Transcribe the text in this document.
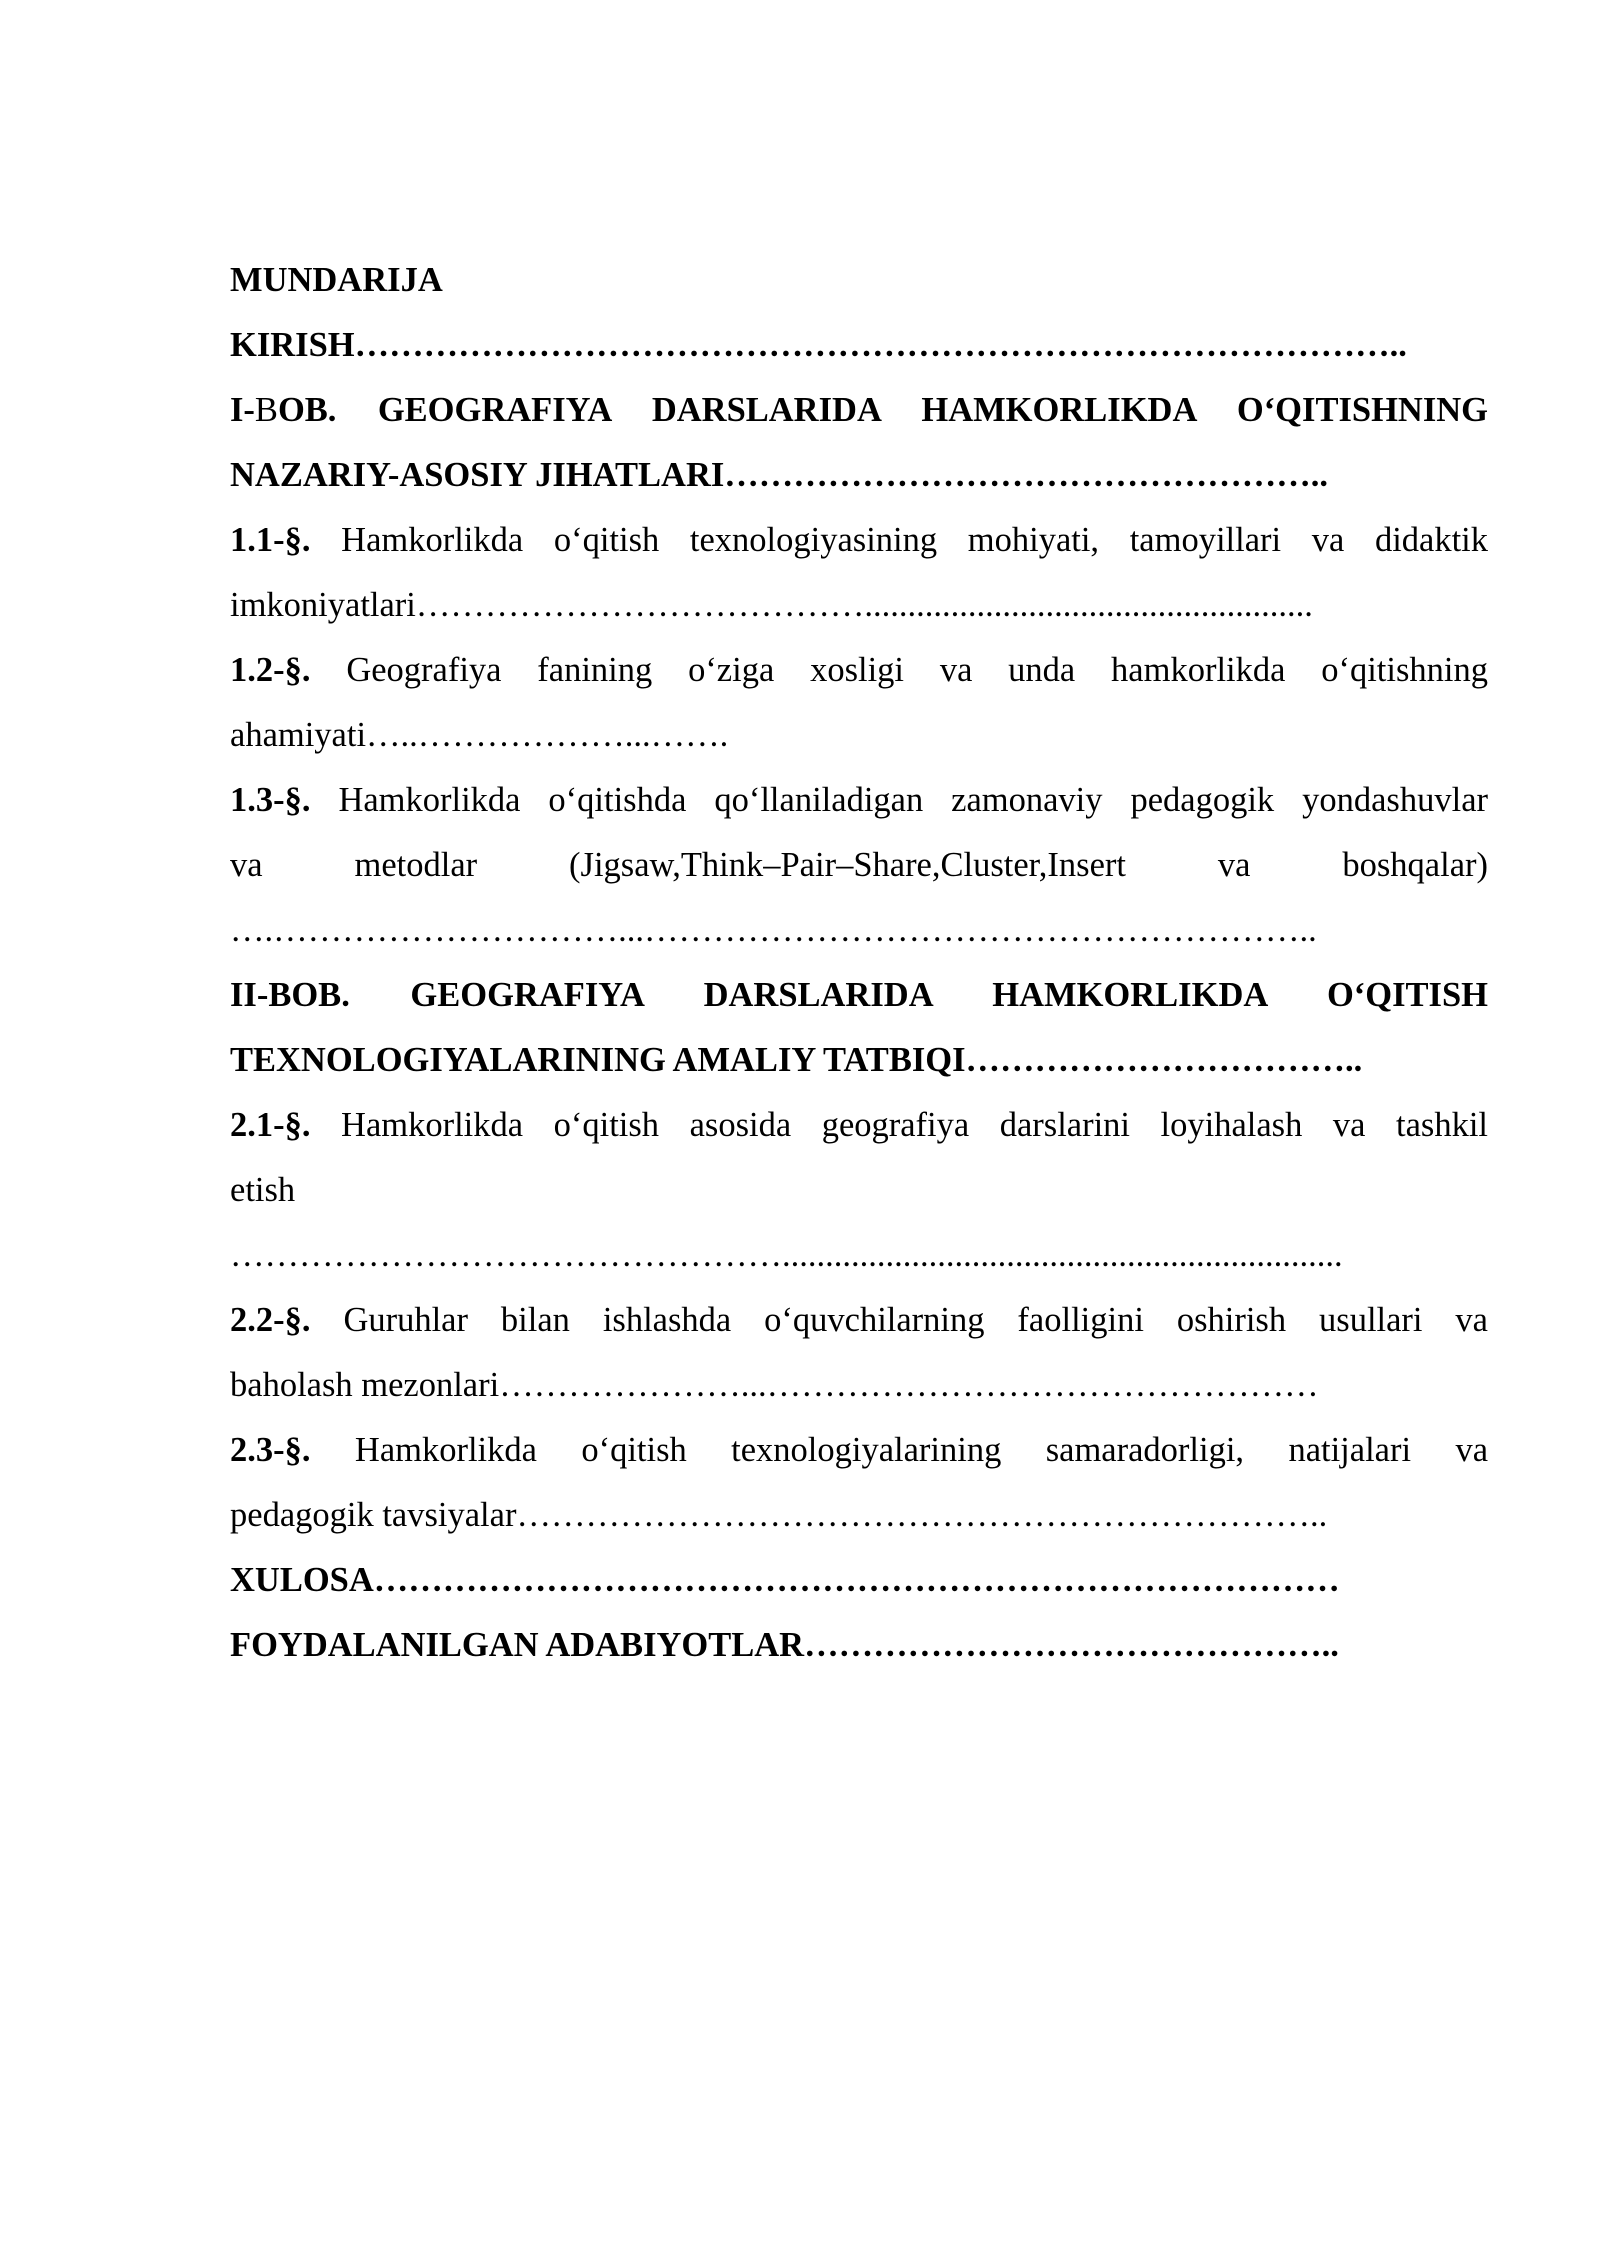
MUNDARIJA
KIRISH………………………………………………………………………………..
I-BOB. GEOGRAFIYA DARSLARIDA HAMKORLIKDA O‘QITISHNING
NAZARIY-ASOSIY JIHATLARI……………………………………………..
1.1-§. Hamkorlikda o‘qitish texnologiyasining mohiyati, tamoyillari va didaktik
imkoniyatlari…………………………………....................................................
1.2-§. Geografiya fanining o‘ziga xosligi va unda hamkorlikda o‘qitishning
ahamiyati…..………………...…….
1.3-§. Hamkorlikda o‘qitishda qo‘llaniladigan zamonaviy pedagogik yondashuvlar
va metodlar (Jigsaw,Think–Pair–Share,Cluster,Insert va boshqalar)
….…………………………...…………………………………………………..
II-BOB. GEOGRAFIYA DARSLARIDA HAMKORLIKDA O‘QITISH
TEXNOLOGIYALARINING AMALIY TATBIQI……………………………..
2.1-§. Hamkorlikda o‘qitish asosida geografiya darslarini loyihalash va tashkil
etish
………………………………………….................................................................
2.2-§. Guruhlar bilan ishlashda o‘quvchilarning faolligini oshirish usullari va
baholash mezonlari…………………...…………………………………………
2.3-§. Hamkorlikda o‘qitish texnologiyalarining samaradorligi, natijalari va
pedagogik tavsiyalar……………………………………………………………..
XULOSA…………………………………………………………………………
FOYDALANILGAN ADABIYOTLAR………………………………………..
